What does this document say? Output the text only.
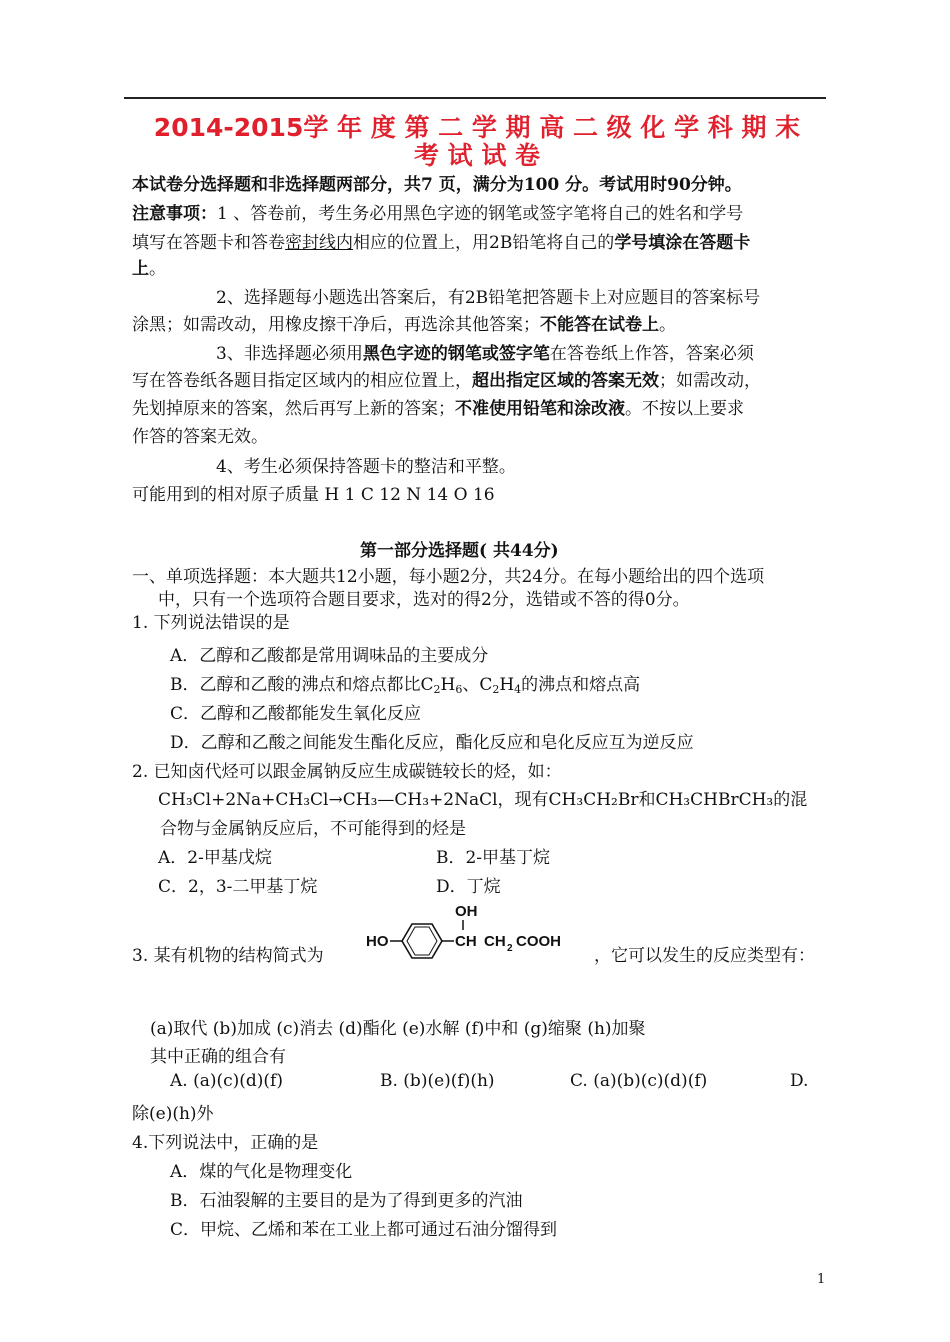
2014-2015学 年 度 第 二 学 期 高 二 级 化 学 科 期 末
考 试 试 卷
本试卷分选择题和非选择题两部分，共7 页，满分为100 分。考试用时90分钟。
注意事项：1 、答卷前，考生务必用黑色字迹的钢笔或签字笔将自己的姓名和学号
填写在答题卡和答卷密封线内相应的位置上，用2B铅笔将自己的学号填涂在答题卡
上。
2、选择题每小题选出答案后，有2B铅笔把答题卡上对应题目的答案标号
涂黑；如需改动，用橡皮擦干净后，再选涂其他答案；不能答在试卷上。
3、非选择题必须用黑色字迹的钢笔或签字笔在答卷纸上作答，答案必须
写在答卷纸各题目指定区域内的相应位置上，超出指定区域的答案无效；如需改动，
先划掉原来的答案，然后再写上新的答案；不准使用铅笔和涂改液。不按以上要求
作答的答案无效。
4、考生必须保持答题卡的整洁和平整。
可能用到的相对原子质量 H 1 C 12 N 14 O 16
第一部分选择题( 共44分)
一、单项选择题：本大题共12小题，每小题2分，共24分。在每小题给出的四个选项
中，只有一个选项符合题目要求，选对的得2分，选错或不答的得0分。
1. 下列说法错误的是
A．乙醇和乙酸都是常用调味品的主要成分
B．乙醇和乙酸的沸点和熔点都比$C_2H_6$、$C_2H_4$的沸点和熔点高
C．乙醇和乙酸都能发生氧化反应
D．乙醇和乙酸之间能发生酯化反应，酯化反应和皂化反应互为逆反应
2. 已知卤代烃可以跟金属钠反应生成碳链较长的烃，如：
CH₃Cl+2Na+CH₃Cl→CH₃—CH₃+2NaCl，现有CH₃CH₂Br和CH₃CHBrCH₃的混
合物与金属钠反应后，不可能得到的烃是
A．2-甲基戊烷	B．2-甲基丁烷
C．2，3-二甲基丁烷	D．丁烷
3. 某有机物的结构简式为
HO
OH
CH CH 2 COOH
，它可以发生的反应类型有：
(a)取代 (b)加成 (c)消去 (d)酯化 (e)水解 (f)中和 (g)缩聚 (h)加聚
其中正确的组合有
A. (a)(c)(d)(f)	B. (b)(e)(f)(h)	C. (a)(b)(c)(d)(f)	D.
除(e)(h)外
4.下列说法中，正确的是
A．煤的气化是物理变化
B．石油裂解的主要目的是为了得到更多的汽油
C．甲烷、乙烯和苯在工业上都可通过石油分馏得到
1
